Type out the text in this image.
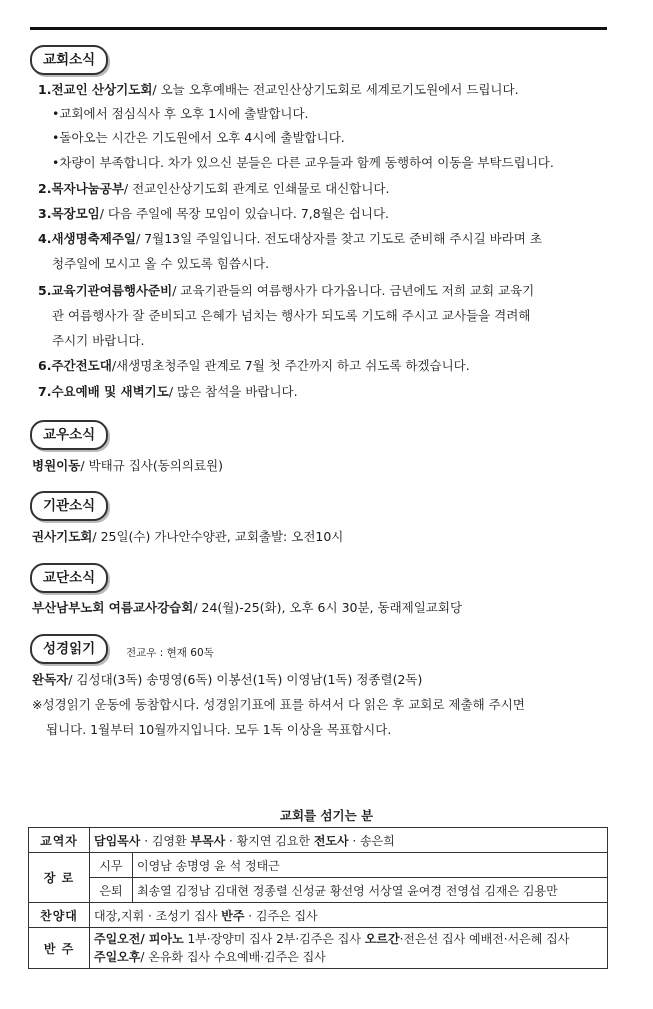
교회소식
1.전교인 산상기도회/ 오늘 오후예배는 전교인산상기도회로 세계로기도원에서 드립니다.
•교회에서 점심식사 후 오후 1시에 출발합니다.
•돌아오는 시간은 기도원에서 오후 4시에 출발합니다.
•차량이 부족합니다. 차가 있으신 분들은 다른 교우들과 함께 동행하여 이동을 부탁드립니다.
2.목자나눔공부/ 전교인산상기도회 관계로 인쇄물로 대신합니다.
3.목장모임/ 다음 주일에 목장 모임이 있습니다. 7,8월은 쉽니다.
4.새생명축제주일/ 7월13일 주일입니다. 전도대상자를 찾고 기도로 준비해 주시길 바라며 초
청주일에 모시고 올 수 있도록 힘씁시다.
5.교육기관여름행사준비/ 교육기관들의 여름행사가 다가옵니다. 금년에도 저희 교회 교육기
관 여름행사가 잘 준비되고 은혜가 넘치는 행사가 되도록 기도해 주시고 교사들을 격려해
주시기 바랍니다.
6.주간전도대/새생명초청주일 관계로 7월 첫 주간까지 하고 쉬도록 하겠습니다.
7.수요예배 및 새벽기도/ 많은 참석을 바랍니다.
교우소식
병원이동/ 박태규 집사(동의의료원)
기관소식
권사기도회/ 25일(수) 가나안수양관, 교회출발: 오전10시
교단소식
부산남부노회 여름교사강습회/ 24(월)-25(화), 오후 6시 30분, 동래제일교회당
성경읽기	전교우 : 현재 60독
완독자/ 김성대(3독) 송명영(6독) 이봉선(1독) 이영남(1독) 정종렬(2독)
※성경읽기 운동에 동참합시다. 성경읽기표에 표를 하셔서 다 읽은 후 교회로 제출해 주시면
됩니다. 1월부터 10월까지입니다. 모두 1독 이상을 목표합시다.
교회를 섬기는 분
교역자	담임목사 · 김영환 부목사 · 황지연 김요한 전도사 · 송은희	
장 로	시무	이영남 송명영 윤 석 정태근
	은퇴	최송열 김정남 김대현 정종렬 신성균 황선영 서상열 윤여경 전영섭 김재은 김용만
찬양대	대장,지휘 · 조성기 집사 반주 · 김주은 집사	
반 주	주일오전/ 피아노 1부·장양미 집사 2부·김주은 집사 오르간·전은선 집사 예배전·서은혜 집사
주일오후/ 온유화 집사 수요예배·김주은 집사	
